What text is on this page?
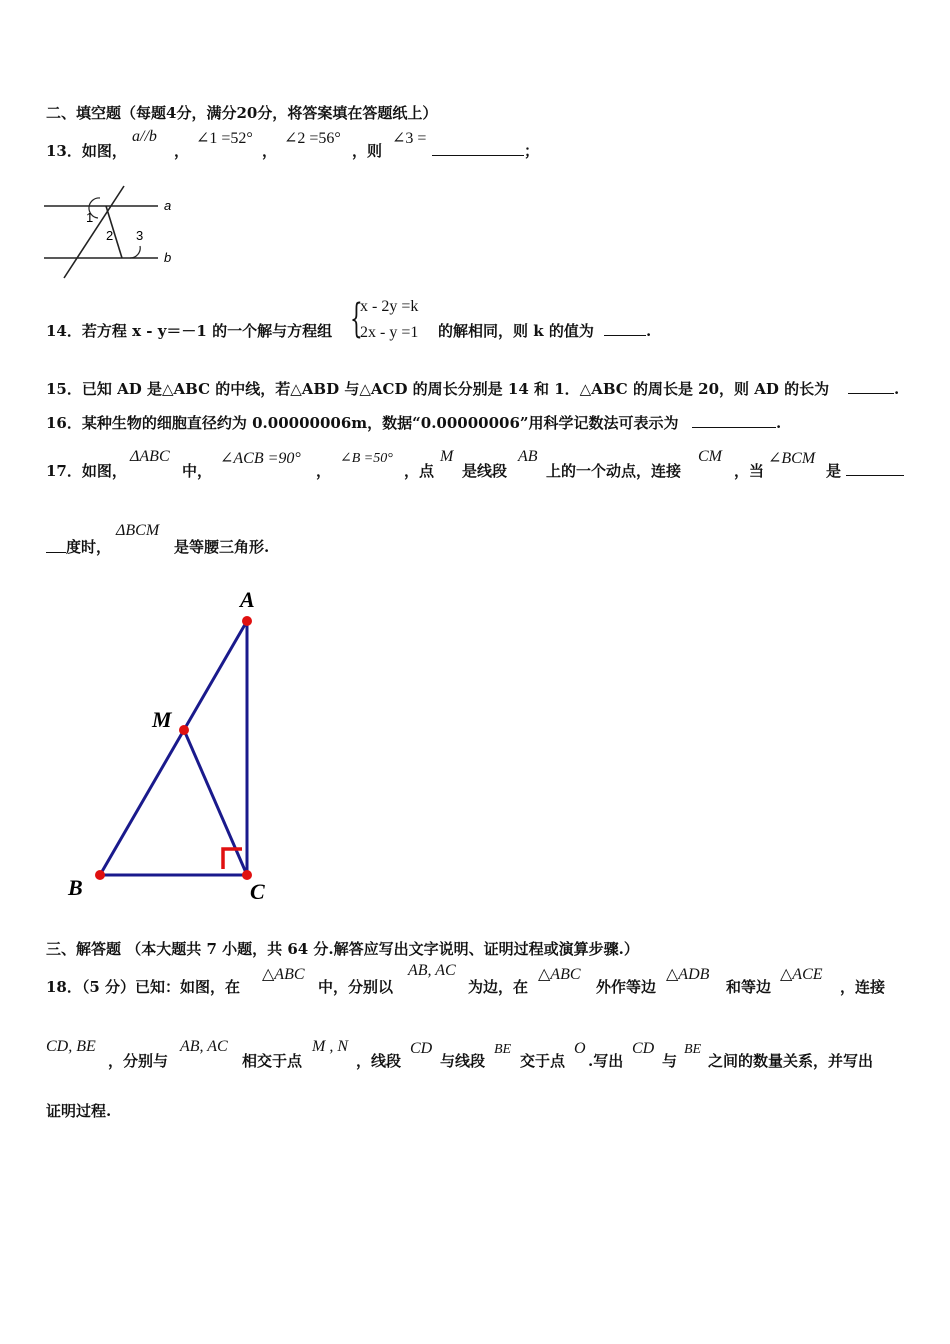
二、填空题（每题4分，满分20分，将答案填在答题纸上）
13．如图，
a//b
，
∠1 =52°
，
∠2 =56°
，则
∠3 =
；
1
2 3
a
b
14．若方程 x - y＝－1 的一个解与方程组 {
x - 2y =k
2x - y =1 的解相同，则 k 的值为	.
15．已知 AD 是△ABC 的中线，若△ABD 与△ACD 的周长分别是 14 和 1．△ABC 的周长是 20，则 AD 的长为	.
16．某种生物的细胞直径约为 0.00000006m，数据“0.00000006”用科学记数法可表示为	.
17．如图，
ΔABC
中，
∠ACB =90°
，
∠B =50°
，点
M
是线段
AB
上的一个动点，连接
CM
，当
∠BCM
是
度时，
ΔBCM
是等腰三角形.
A
M
B	C
三、解答题 （本大题共 7 小题，共 64 分.解答应写出文字说明、证明过程或演算步骤.）
18．（5 分）已知：如图，在
△ABC
中，分别以
AB, AC
为边，在
△ABC
外作等边
△ADB
和等边
△ACE
，连接
CD, BE
，分别与
AB, AC
相交于点
M , N
，线段
CD
与线段
BE
交于点
O
.写出
CD
与
BE
之间的数量关系，并写出
证明过程.
